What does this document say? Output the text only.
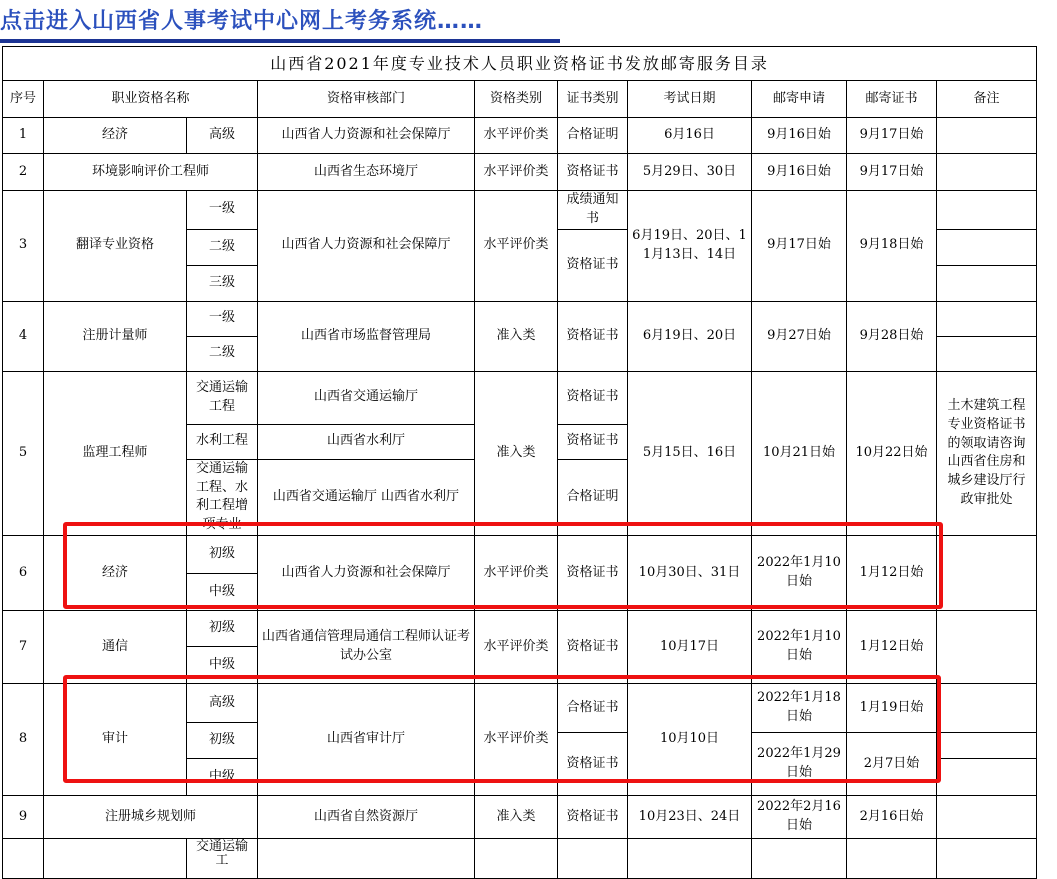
点击进入山西省人事考试中心网上考务系统……
山西省2021年度专业技术人员职业资格证书发放邮寄服务目录									
序号	职业资格名称		资格审核部门	资格类别	证书类别	考试日期	邮寄申请	邮寄证书	备注
1	经济	高级	山西省人力资源和社会保障厅	水平评价类	合格证明	6月16日	9月16日始	9月17日始	
2	环境影响评价工程师		山西省生态环境厅	水平评价类	资格证书	5月29日、30日	9月16日始	9月17日始	
3	翻译专业资格	一级	山西省人力资源和社会保障厅	水平评价类	成绩通知书	6月19日、20日、11月13日、14日	9月17日始	9月18日始	
		二级			资格证书				
		三级							
4	注册计量师	一级	山西省市场监督管理局	准入类	资格证书	6月19日、20日	9月27日始	9月28日始	
		二级							
5	监理工程师	交通运输工程	山西省交通运输厅	准入类	资格证书	5月15日、16日	10月21日始	10月22日始	土木建筑工程专业资格证书的领取请咨询山西省住房和城乡建设厅行政审批处
		水利工程	山西省水利厅		资格证书				
		交通运输工程、水利工程增项专业	山西省交通运输厅 山西省水利厅		合格证明				
6	经济	初级	山西省人力资源和社会保障厅	水平评价类	资格证书	10月30日、31日	2022年1月10日始	1月12日始	
		中级							
7	通信	初级	山西省通信管理局通信工程师认证考试办公室	水平评价类	资格证书	10月17日	2022年1月10日始	1月12日始	
		中级							
8	审计	高级	山西省审计厅	水平评价类	合格证书	10月10日	2022年1月18日始	1月19日始	
		初级							
					资格证书		2022年1月29日始	2月7日始	
		中级							
9	注册城乡规划师		山西省自然资源厅	准入类	资格证书	10月23日、24日	2022年2月16日始	2月16日始	
		交通运输工							
